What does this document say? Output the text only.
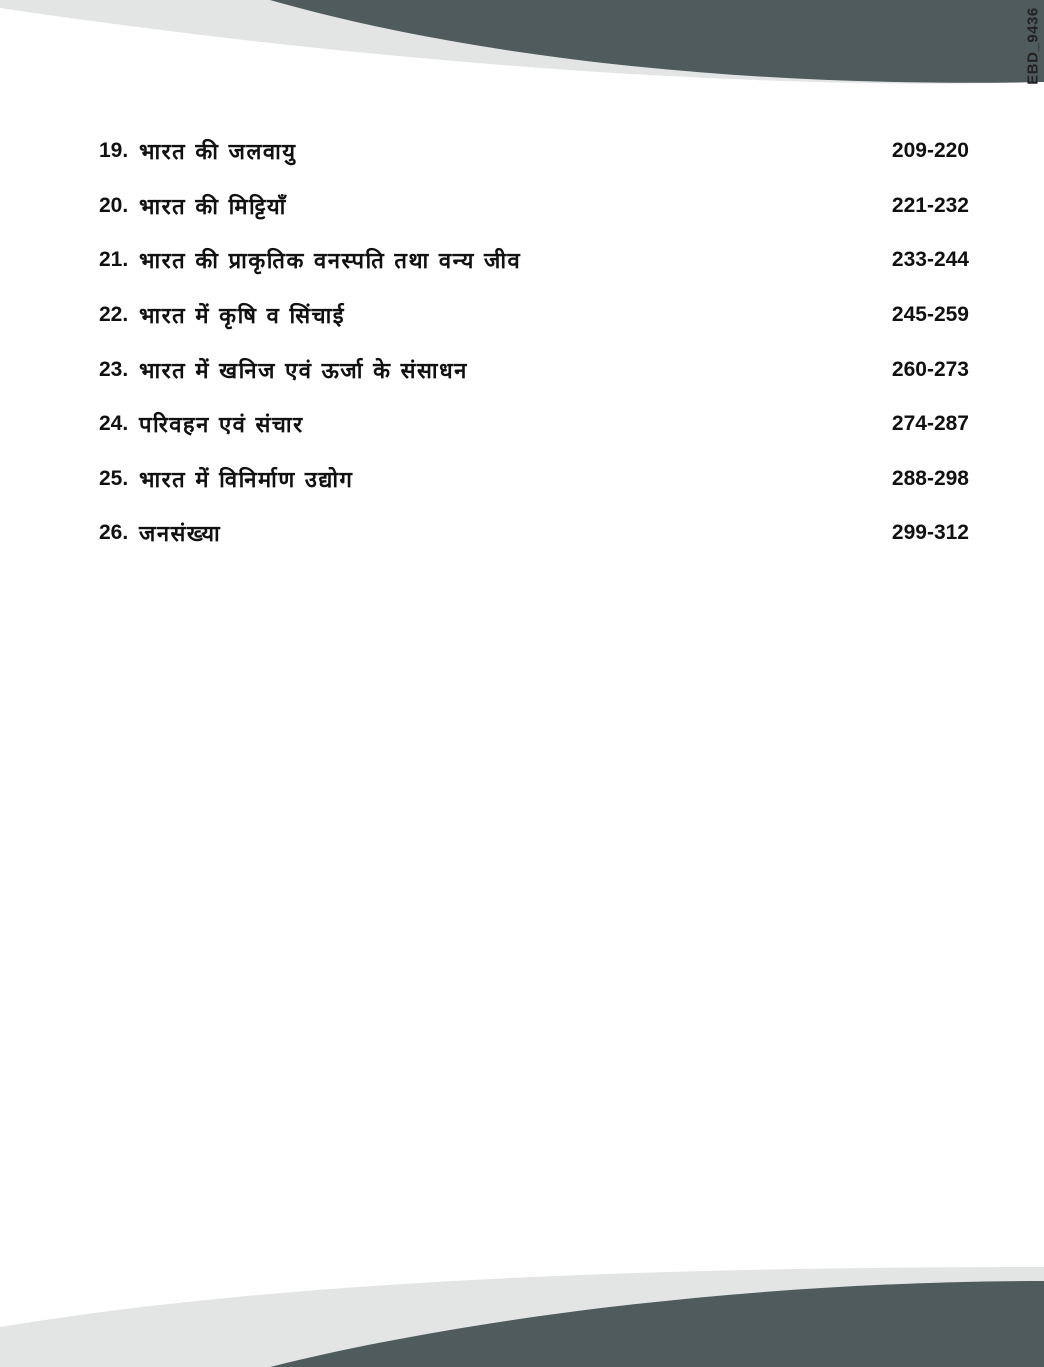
EBD_9436
19. भारत की जलवायु	209-220
20. भारत की मिट्टियाँ	221-232
21. भारत की प्राकृतिक वनस्पति तथा वन्य जीव	233-244
22. भारत में कृषि व सिंचाई	245-259
23. भारत में खनिज एवं ऊर्जा के संसाधन	260-273
24. परिवहन एवं संचार	274-287
25. भारत में विनिर्माण उद्योग	288-298
26. जनसंख्या	299-312
